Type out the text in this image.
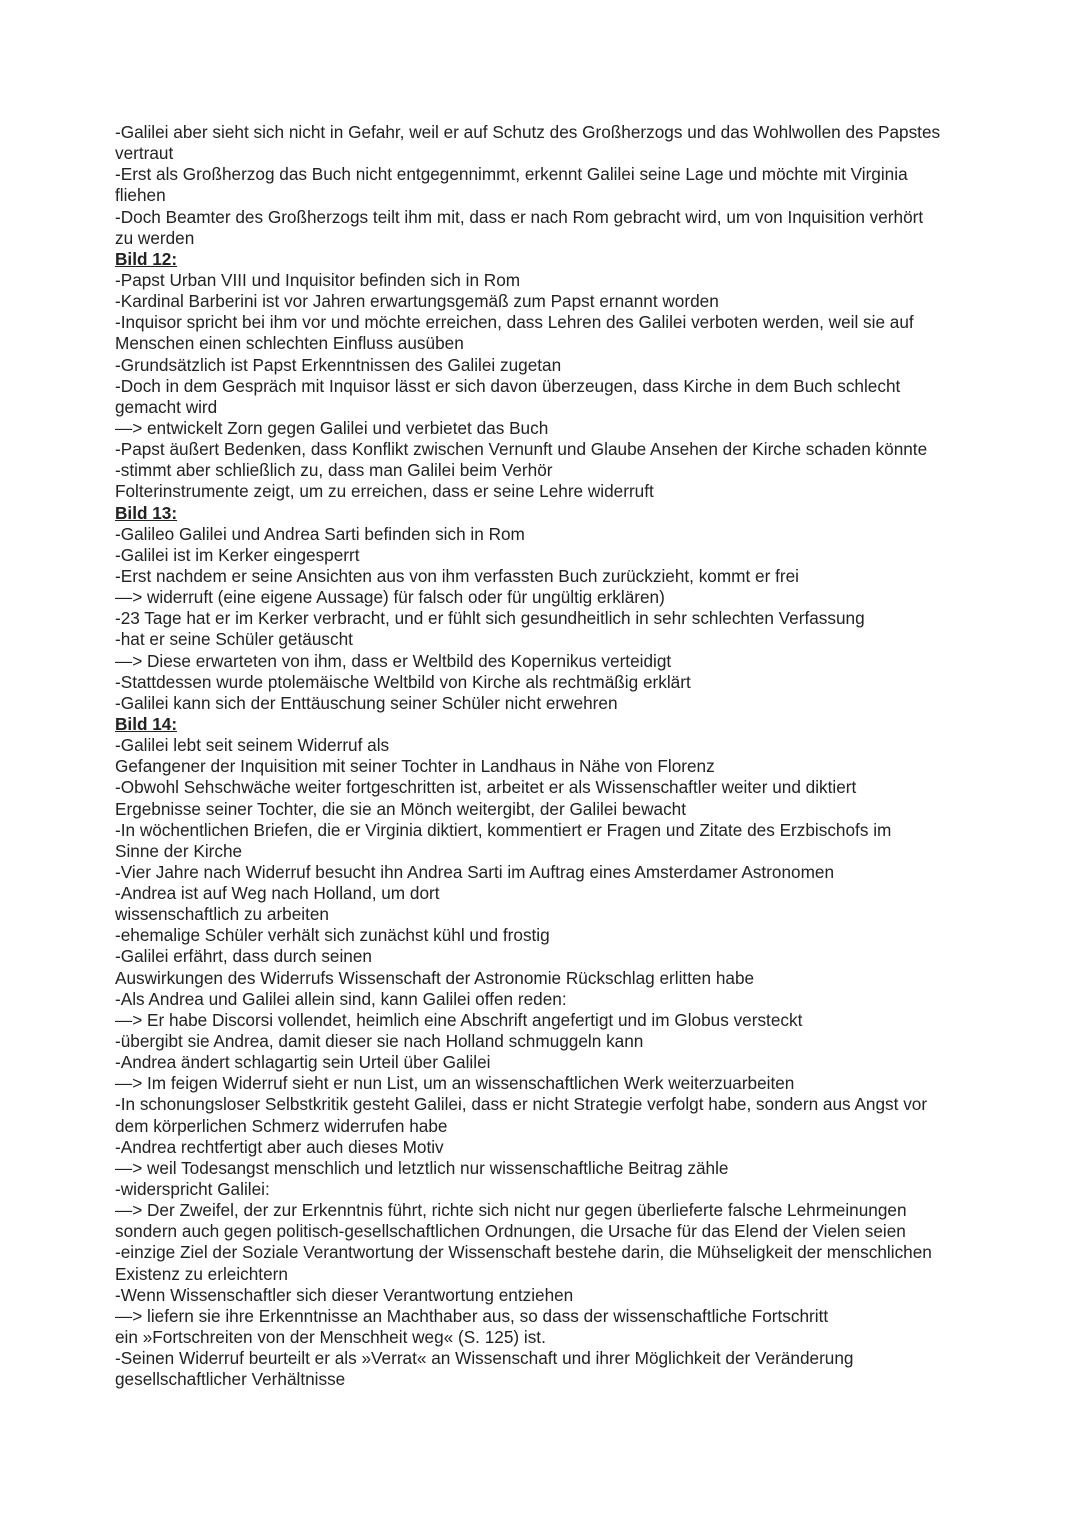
-Galilei aber sieht sich nicht in Gefahr, weil er auf Schutz des Großherzogs und das Wohlwollen des Papstes
vertraut
-Erst als Großherzog das Buch nicht entgegennimmt, erkennt Galilei seine Lage und möchte mit Virginia
fliehen
-Doch Beamter des Großherzogs teilt ihm mit, dass er nach Rom gebracht wird, um von Inquisition verhört
zu werden
Bild 12:
-Papst Urban VIII und Inquisitor befinden sich in Rom
-Kardinal Barberini ist vor Jahren erwartungsgemäß zum Papst ernannt worden
-Inquisor spricht bei ihm vor und möchte erreichen, dass Lehren des Galilei verboten werden, weil sie auf
Menschen einen schlechten Einfluss ausüben
-Grundsätzlich ist Papst Erkenntnissen des Galilei zugetan
-Doch in dem Gespräch mit Inquisor lässt er sich davon überzeugen, dass Kirche in dem Buch schlecht
gemacht wird
—> entwickelt Zorn gegen Galilei und verbietet das Buch
-Papst äußert Bedenken, dass Konflikt zwischen Vernunft und Glaube Ansehen der Kirche schaden könnte
-stimmt aber schließlich zu, dass man Galilei beim Verhör
Folterinstrumente zeigt, um zu erreichen, dass er seine Lehre widerruft
Bild 13:
-Galileo Galilei und Andrea Sarti befinden sich in Rom
-Galilei ist im Kerker eingesperrt
-Erst nachdem er seine Ansichten aus von ihm verfassten Buch zurückzieht, kommt er frei
—> widerruft (eine eigene Aussage) für falsch oder für ungültig erklären)
-23 Tage hat er im Kerker verbracht, und er fühlt sich gesundheitlich in sehr schlechten Verfassung
-hat er seine Schüler getäuscht
—> Diese erwarteten von ihm, dass er Weltbild des Kopernikus verteidigt
-Stattdessen wurde ptolemäische Weltbild von Kirche als rechtmäßig erklärt
-Galilei kann sich der Enttäuschung seiner Schüler nicht erwehren
Bild 14:
-Galilei lebt seit seinem Widerruf als
Gefangener der Inquisition mit seiner Tochter in Landhaus in Nähe von Florenz
-Obwohl Sehschwäche weiter fortgeschritten ist, arbeitet er als Wissenschaftler weiter und diktiert
Ergebnisse seiner Tochter, die sie an Mönch weitergibt, der Galilei bewacht
-In wöchentlichen Briefen, die er Virginia diktiert, kommentiert er Fragen und Zitate des Erzbischofs im
Sinne der Kirche
-Vier Jahre nach Widerruf besucht ihn Andrea Sarti im Auftrag eines Amsterdamer Astronomen
-Andrea ist auf Weg nach Holland, um dort
wissenschaftlich zu arbeiten
-ehemalige Schüler verhält sich zunächst kühl und frostig
-Galilei erfährt, dass durch seinen
Auswirkungen des Widerrufs Wissenschaft der Astronomie Rückschlag erlitten habe
-Als Andrea und Galilei allein sind, kann Galilei offen reden:
—> Er habe Discorsi vollendet, heimlich eine Abschrift angefertigt und im Globus versteckt
-übergibt sie Andrea, damit dieser sie nach Holland schmuggeln kann
-Andrea ändert schlagartig sein Urteil über Galilei
—> Im feigen Widerruf sieht er nun List, um an wissenschaftlichen Werk weiterzuarbeiten
-In schonungsloser Selbstkritik gesteht Galilei, dass er nicht Strategie verfolgt habe, sondern aus Angst vor
dem körperlichen Schmerz widerrufen habe
-Andrea rechtfertigt aber auch dieses Motiv
—> weil Todesangst menschlich und letztlich nur wissenschaftliche Beitrag zähle
-widerspricht Galilei:
—> Der Zweifel, der zur Erkenntnis führt, richte sich nicht nur gegen überlieferte falsche Lehrmeinungen
sondern auch gegen politisch-gesellschaftlichen Ordnungen, die Ursache für das Elend der Vielen seien
-einzige Ziel der Soziale Verantwortung der Wissenschaft bestehe darin, die Mühseligkeit der menschlichen
Existenz zu erleichtern
-Wenn Wissenschaftler sich dieser Verantwortung entziehen
—> liefern sie ihre Erkenntnisse an Machthaber aus, so dass der wissenschaftliche Fortschritt
ein »Fortschreiten von der Menschheit weg« (S. 125) ist.
-Seinen Widerruf beurteilt er als »Verrat« an Wissenschaft und ihrer Möglichkeit der Veränderung
gesellschaftlicher Verhältnisse
